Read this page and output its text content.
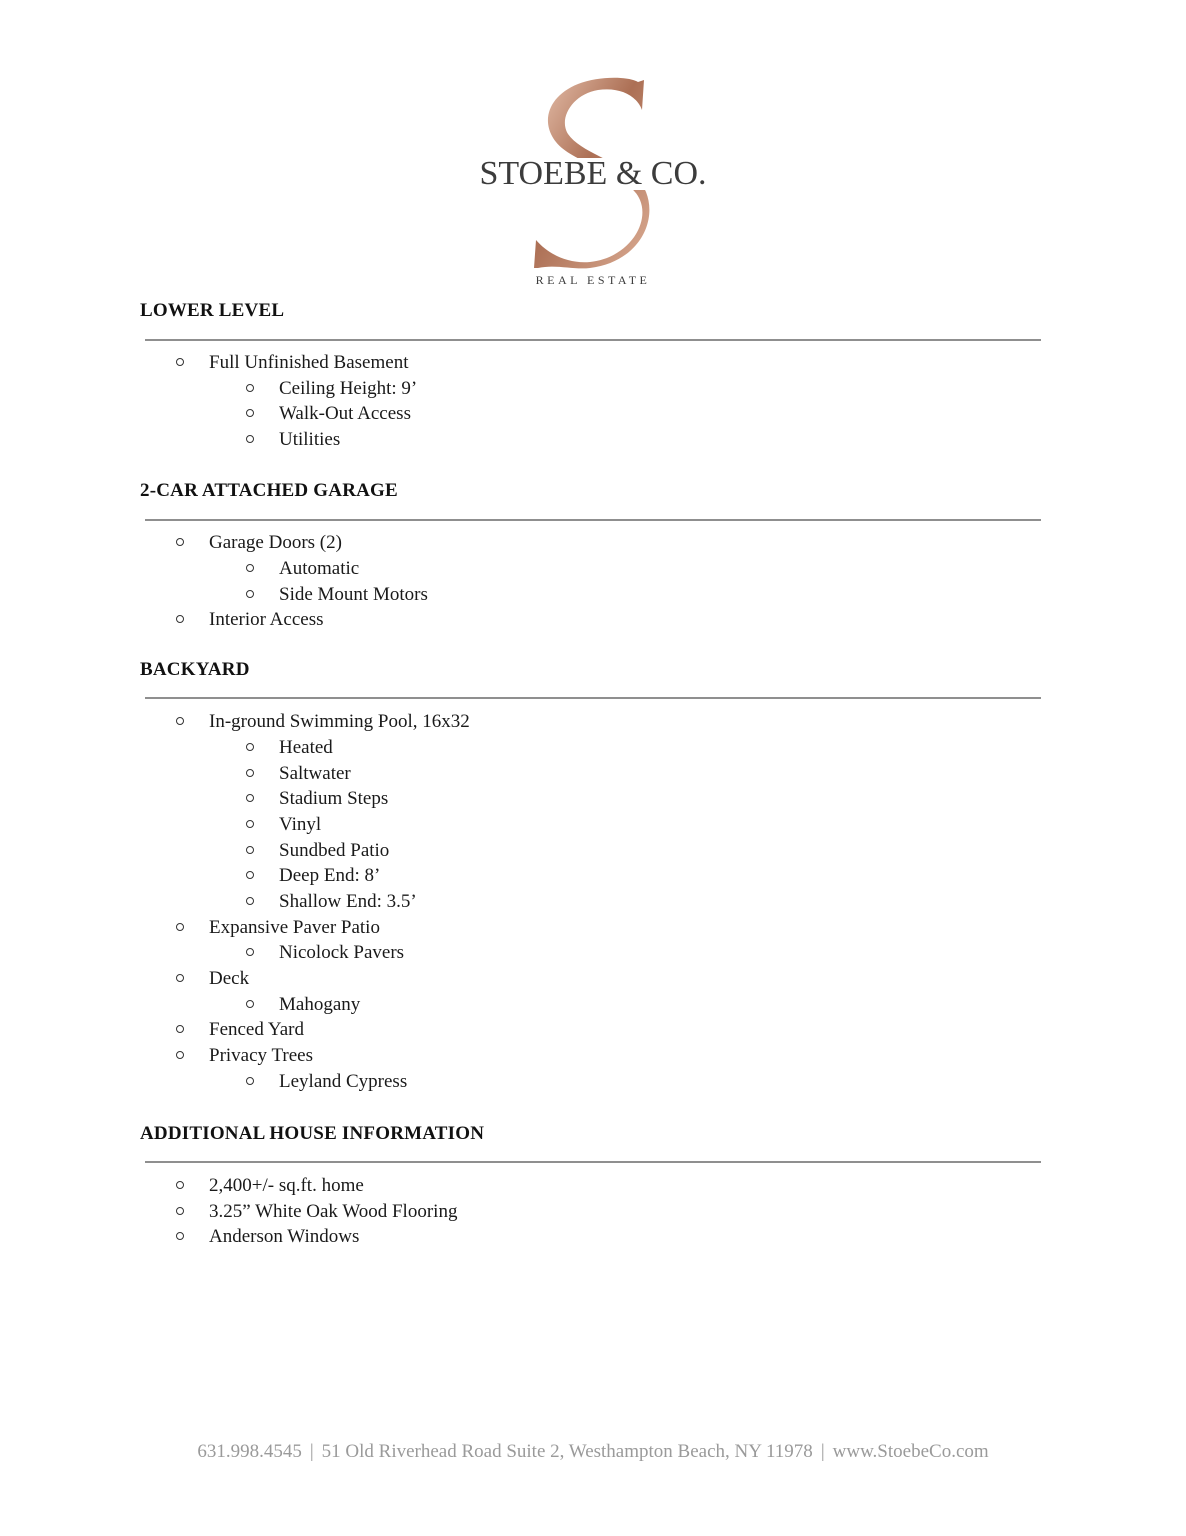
STOEBE & CO.
REAL ESTATE
LOWER LEVEL
Full Unfinished Basement
Ceiling Height: 9’
Walk-Out Access
Utilities
2-CAR ATTACHED GARAGE
Garage Doors (2)
Automatic
Side Mount Motors
Interior Access
BACKYARD
In-ground Swimming Pool, 16x32
Heated
Saltwater
Stadium Steps
Vinyl
Sundbed Patio
Deep End: 8’
Shallow End: 3.5’
Expansive Paver Patio
Nicolock Pavers
Deck
Mahogany
Fenced Yard
Privacy Trees
Leyland Cypress
ADDITIONAL HOUSE INFORMATION
2,400+/- sq.ft. home
3.25” White Oak Wood Flooring
Anderson Windows
631.998.4545 | 51 Old Riverhead Road Suite 2, Westhampton Beach, NY 11978 | www.StoebeCo.com
